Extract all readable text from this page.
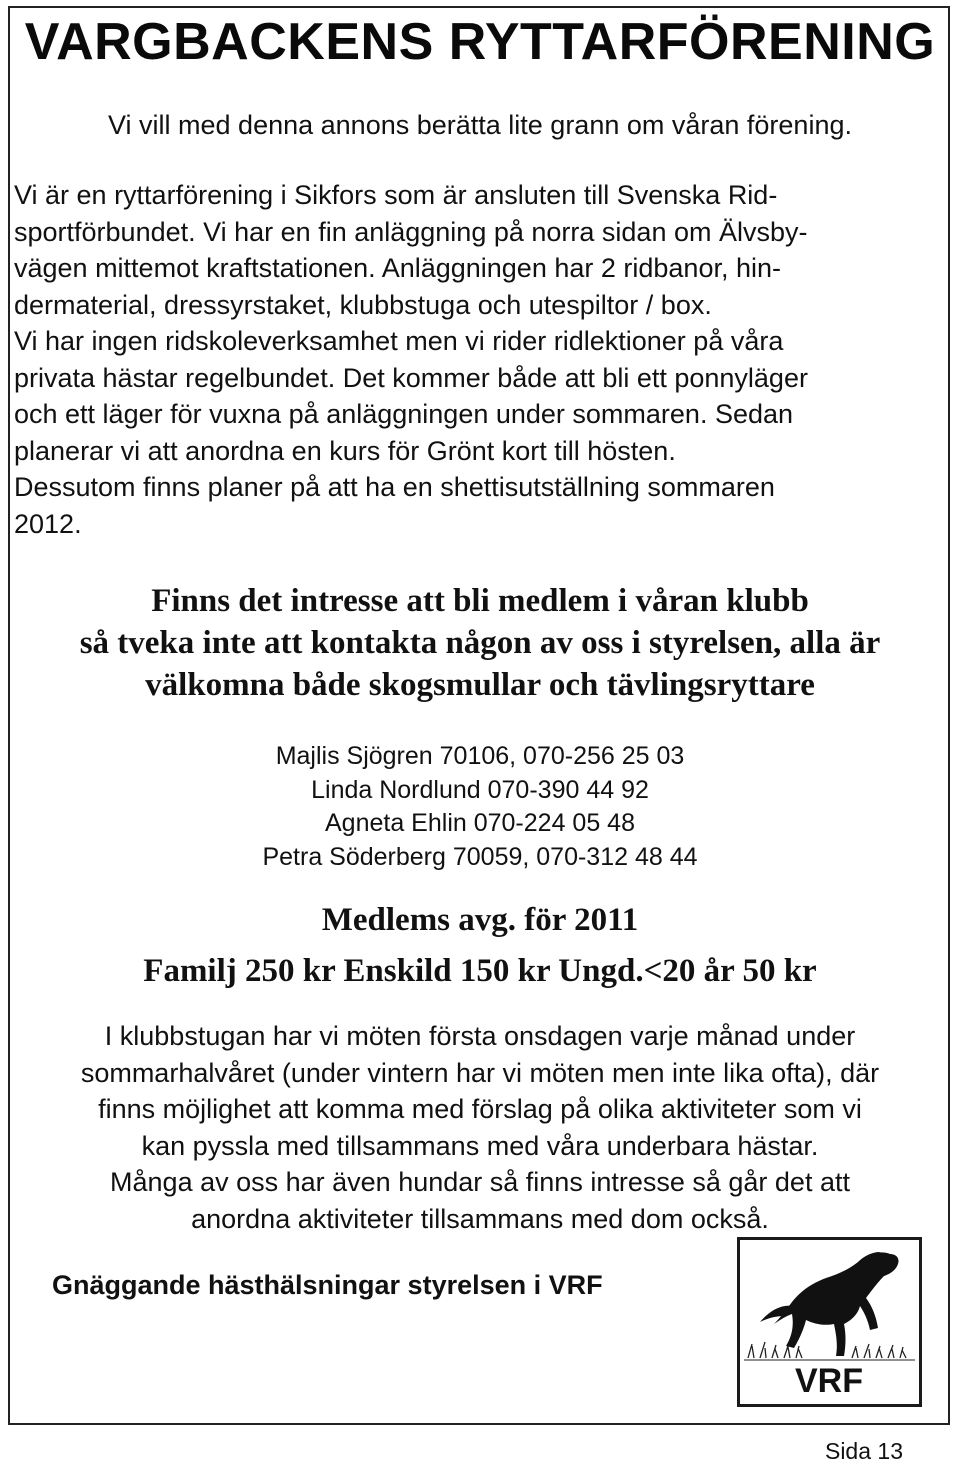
VARGBACKENS RYTTARFÖRENING
Vi vill med denna annons berätta lite grann om våran förening.
Vi är en ryttarförening i Sikfors som är ansluten till Svenska Rid-
sportförbundet. Vi har en fin anläggning på norra sidan om Älvsby-
vägen mittemot kraftstationen. Anläggningen har 2 ridbanor, hin-
dermaterial, dressyrstaket, klubbstuga och utespiltor / box.
Vi har ingen ridskoleverksamhet men vi rider ridlektioner på våra
privata hästar regelbundet. Det kommer både att bli ett ponnyläger
och ett läger för vuxna på anläggningen under sommaren. Sedan
planerar vi att anordna en kurs för Grönt kort till hösten.
Dessutom finns planer på att ha en shettisutställning sommaren
2012.
Finns det intresse att bli medlem i våran klubb
så tveka inte att kontakta någon av oss i styrelsen, alla är
välkomna både skogsmullar och tävlingsryttare
Majlis Sjögren 70106, 070-256 25 03
Linda Nordlund 070-390 44 92
Agneta Ehlin 070-224 05 48
Petra Söderberg 70059, 070-312 48 44
Medlems avg. för 2011
Familj 250 kr Enskild 150 kr Ungd.<20 år 50 kr
I klubbstugan har vi möten första onsdagen varje månad under
sommarhalvåret (under vintern har vi möten men inte lika ofta), där
finns möjlighet att komma med förslag på olika aktiviteter som vi
kan pyssla med tillsammans med våra underbara hästar.
Många av oss har även hundar så finns intresse så går det att
anordna aktiviteter tillsammans med dom också.
Gnäggande hästhälsningar styrelsen i VRF
VRF
Sida 13
